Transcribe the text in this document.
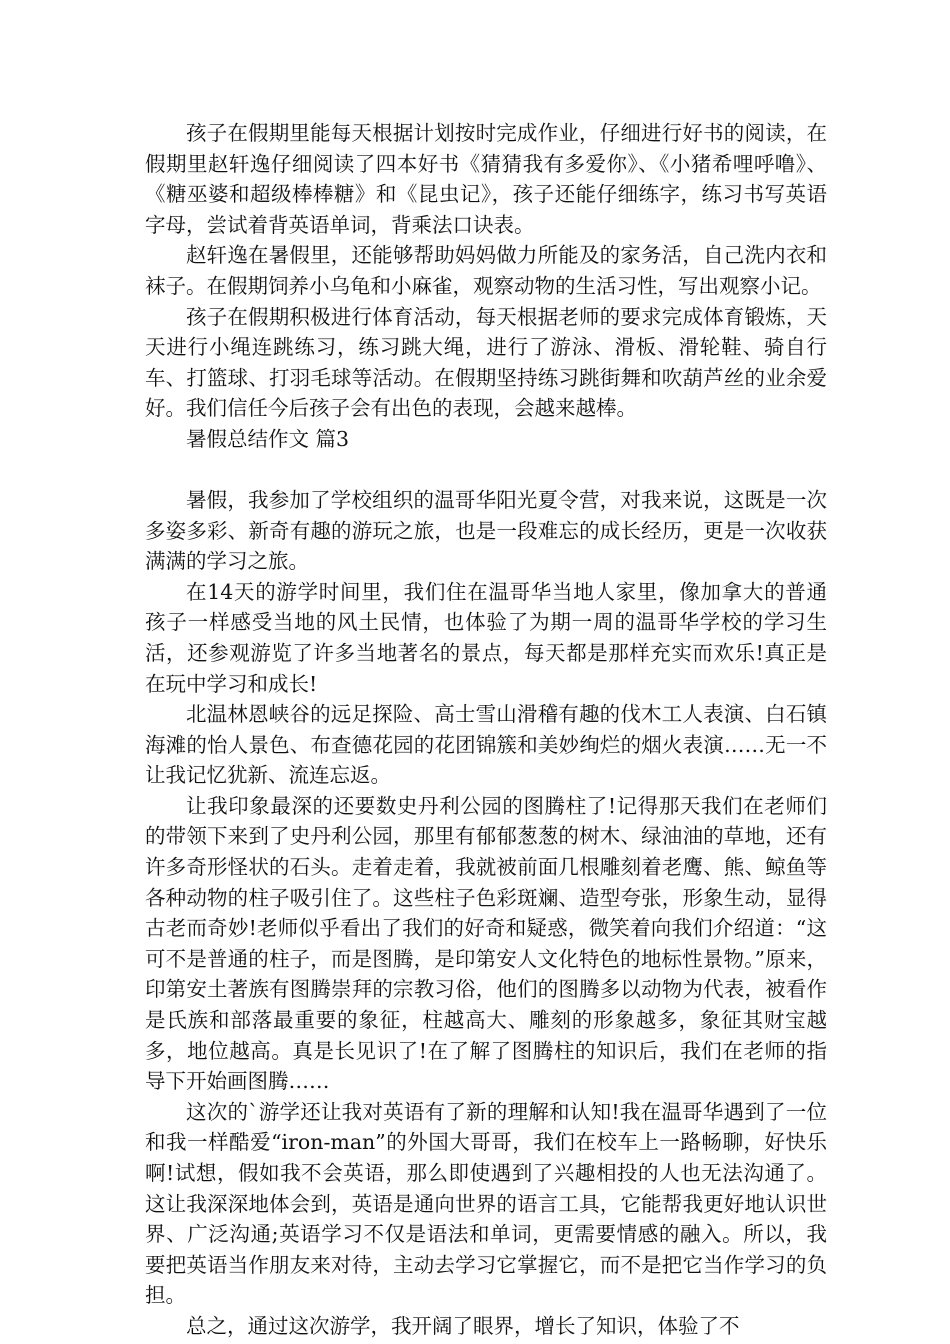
孩子在假期里能每天根据计划按时完成作业，仔细进行好书的阅读，在假期里赵轩逸仔细阅读了四本好书《猜猜我有多爱你》、《小猪希哩呼噜》、《糖巫婆和超级棒棒糖》和《昆虫记》，孩子还能仔细练字，练习书写英语字母，尝试着背英语单词，背乘法口诀表。

赵轩逸在暑假里，还能够帮助妈妈做力所能及的家务活，自己洗内衣和袜子。在假期饲养小乌龟和小麻雀，观察动物的生活习性，写出观察小记。

孩子在假期积极进行体育活动，每天根据老师的要求完成体育锻炼，天天进行小绳连跳练习，练习跳大绳，进行了游泳、滑板、滑轮鞋、骑自行车、打篮球、打羽毛球等活动。在假期坚持练习跳街舞和吹葫芦丝的业余爱好。我们信任今后孩子会有出色的表现，会越来越棒。

暑假总结作文 篇3

暑假，我参加了学校组织的温哥华阳光夏令营，对我来说，这既是一次多姿多彩、新奇有趣的游玩之旅，也是一段难忘的成长经历，更是一次收获满满的学习之旅。

在14天的游学时间里，我们住在温哥华当地人家里，像加拿大的普通孩子一样感受当地的风土民情，也体验了为期一周的温哥华学校的学习生活，还参观游览了许多当地著名的景点，每天都是那样充实而欢乐!真正是在玩中学习和成长!

北温林恩峡谷的远足探险、高士雪山滑稽有趣的伐木工人表演、白石镇海滩的怡人景色、布查德花园的花团锦簇和美妙绚烂的烟火表演……无一不让我记忆犹新、流连忘返。

让我印象最深的还要数史丹利公园的图腾柱了!记得那天我们在老师们的带领下来到了史丹利公园，那里有郁郁葱葱的树木、绿油油的草地，还有许多奇形怪状的石头。走着走着，我就被前面几根雕刻着老鹰、熊、鲸鱼等各种动物的柱子吸引住了。这些柱子色彩斑斓、造型夸张，形象生动，显得古老而奇妙!老师似乎看出了我们的好奇和疑惑，微笑着向我们介绍道：“这可不是普通的柱子，而是图腾，是印第安人文化特色的地标性景物。”原来，印第安土著族有图腾崇拜的宗教习俗，他们的图腾多以动物为代表，被看作是氏族和部落最重要的象征，柱越高大、雕刻的形象越多，象征其财宝越多，地位越高。真是长见识了!在了解了图腾柱的知识后，我们在老师的指导下开始画图腾……

这次的`游学还让我对英语有了新的理解和认知!我在温哥华遇到了一位和我一样酷爱“iron-man”的外国大哥哥，我们在校车上一路畅聊，好快乐啊!试想，假如我不会英语，那么即使遇到了兴趣相投的人也无法沟通了。这让我深深地体会到，英语是通向世界的语言工具，它能帮我更好地认识世界、广泛沟通;英语学习不仅是语法和单词，更需要情感的融入。所以，我要把英语当作朋友来对待，主动去学习它掌握它，而不是把它当作学习的负担。

总之，通过这次游学，我开阔了眼界，增长了知识，体验了不
